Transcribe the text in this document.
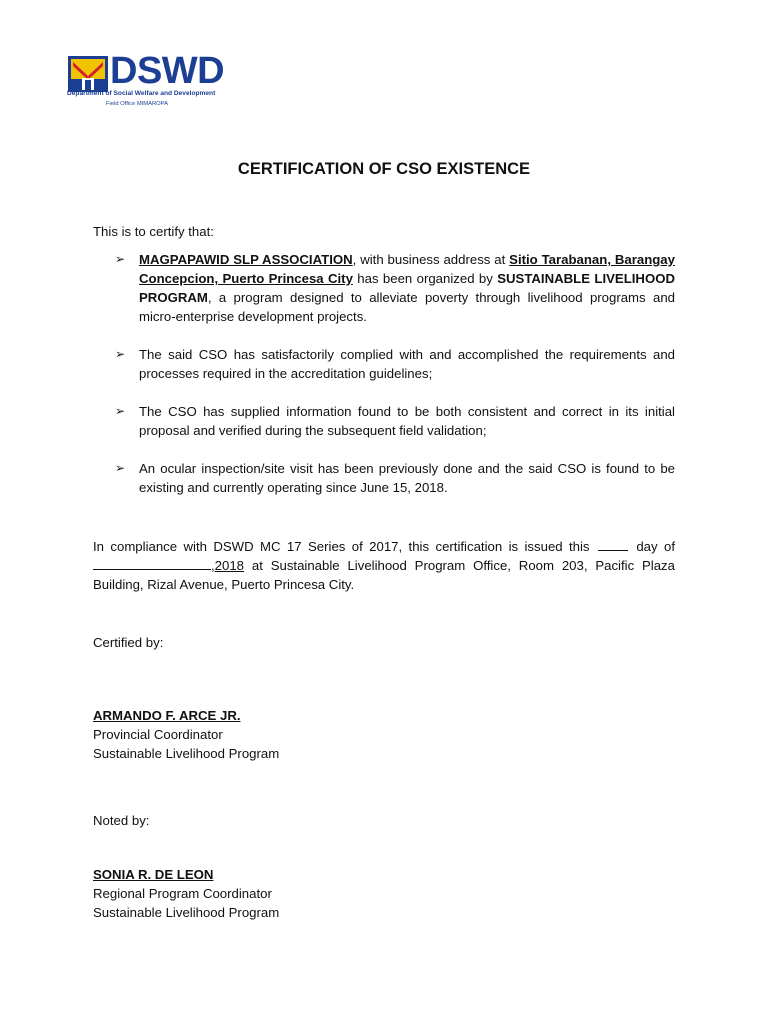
DSWD
Department of Social Welfare and Development
Field Office MIMAROPA
CERTIFICATION OF CSO EXISTENCE
This is to certify that:
➢ MAGPAPAWID SLP ASSOCIATION, with business address at Sitio Tarabanan, Barangay Concepcion, Puerto Princesa City has been organized by SUSTAINABLE LIVELIHOOD PROGRAM, a program designed to alleviate poverty through livelihood programs and micro-enterprise development projects.
➢ The said CSO has satisfactorily complied with and accomplished the requirements and processes required in the accreditation guidelines;
➢ The CSO has supplied information found to be both consistent and correct in its initial proposal and verified during the subsequent field validation;
➢ An ocular inspection/site visit has been previously done and the said CSO is found to be existing and currently operating since June 15, 2018.
In compliance with DSWD MC 17 Series of 2017, this certification is issued this	day of ,2018 at Sustainable Livelihood Program Office, Room 203, Pacific Plaza Building, Rizal Avenue, Puerto Princesa City.
Certified by:
ARMANDO F. ARCE JR.
Provincial Coordinator
Sustainable Livelihood Program
Noted by:
SONIA R. DE LEON
Regional Program Coordinator
Sustainable Livelihood Program
